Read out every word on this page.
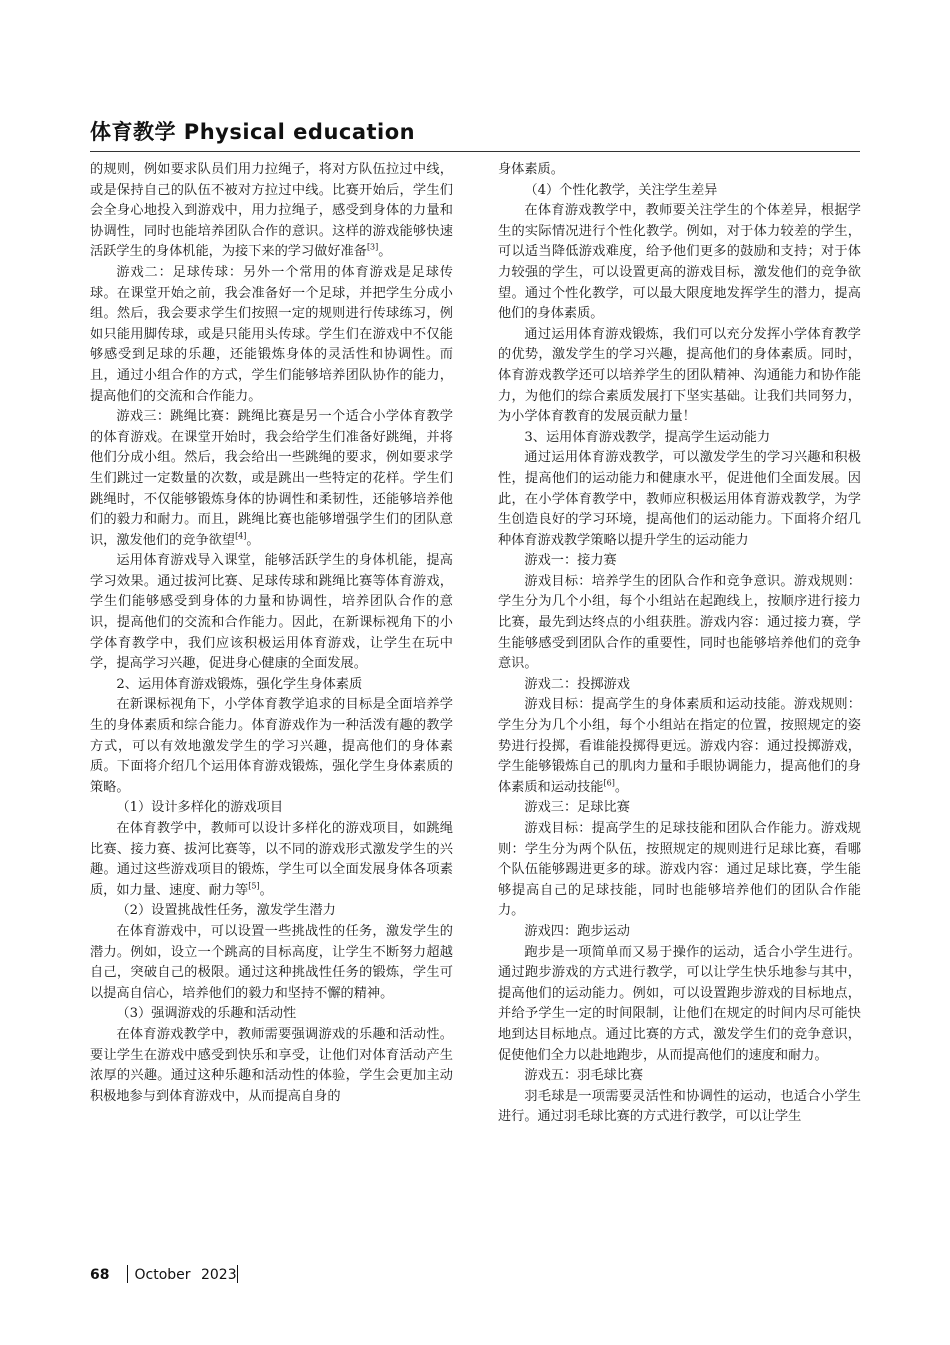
体育教学 Physical education

的规则，例如要求队员们用力拉绳子，将对方队伍拉过中线，或是保持自己的队伍不被对方拉过中线。比赛开始后，学生们会全身心地投入到游戏中，用力拉绳子，感受到身体的力量和协调性，同时也能培养团队合作的意识。这样的游戏能够快速活跃学生的身体机能，为接下来的学习做好准备[3]。

游戏二：足球传球：另外一个常用的体育游戏是足球传球。在课堂开始之前，我会准备好一个足球，并把学生分成小组。然后，我会要求学生们按照一定的规则进行传球练习，例如只能用脚传球，或是只能用头传球。学生们在游戏中不仅能够感受到足球的乐趣，还能锻炼身体的灵活性和协调性。而且，通过小组合作的方式，学生们能够培养团队协作的能力，提高他们的交流和合作能力。

游戏三：跳绳比赛：跳绳比赛是另一个适合小学体育教学的体育游戏。在课堂开始时，我会给学生们准备好跳绳，并将他们分成小组。然后，我会给出一些跳绳的要求，例如要求学生们跳过一定数量的次数，或是跳出一些特定的花样。学生们跳绳时，不仅能够锻炼身体的协调性和柔韧性，还能够培养他们的毅力和耐力。而且，跳绳比赛也能够增强学生们的团队意识，激发他们的竞争欲望[4]。

运用体育游戏导入课堂，能够活跃学生的身体机能，提高学习效果。通过拔河比赛、足球传球和跳绳比赛等体育游戏，学生们能够感受到身体的力量和协调性，培养团队合作的意识，提高他们的交流和合作能力。因此，在新课标视角下的小学体育教学中，我们应该积极运用体育游戏，让学生在玩中学，提高学习兴趣，促进身心健康的全面发展。

2、运用体育游戏锻炼，强化学生身体素质

在新课标视角下，小学体育教学追求的目标是全面培养学生的身体素质和综合能力。体育游戏作为一种活泼有趣的教学方式，可以有效地激发学生的学习兴趣，提高他们的身体素质。下面将介绍几个运用体育游戏锻炼，强化学生身体素质的策略。

（1）设计多样化的游戏项目

在体育教学中，教师可以设计多样化的游戏项目，如跳绳比赛、接力赛、拔河比赛等，以不同的游戏形式激发学生的兴趣。通过这些游戏项目的锻炼，学生可以全面发展身体各项素质，如力量、速度、耐力等[5]。

（2）设置挑战性任务，激发学生潜力

在体育游戏中，可以设置一些挑战性的任务，激发学生的潜力。例如，设立一个跳高的目标高度，让学生不断努力超越自己，突破自己的极限。通过这种挑战性任务的锻炼，学生可以提高自信心，培养他们的毅力和坚持不懈的精神。

（3）强调游戏的乐趣和活动性

在体育游戏教学中，教师需要强调游戏的乐趣和活动性。要让学生在游戏中感受到快乐和享受，让他们对体育活动产生浓厚的兴趣。通过这种乐趣和活动性的体验，学生会更加主动积极地参与到体育游戏中，从而提高自身的

身体素质。

（4）个性化教学，关注学生差异

在体育游戏教学中，教师要关注学生的个体差异，根据学生的实际情况进行个性化教学。例如，对于体力较差的学生，可以适当降低游戏难度，给予他们更多的鼓励和支持；对于体力较强的学生，可以设置更高的游戏目标，激发他们的竞争欲望。通过个性化教学，可以最大限度地发挥学生的潜力，提高他们的身体素质。

通过运用体育游戏锻炼，我们可以充分发挥小学体育教学的优势，激发学生的学习兴趣，提高他们的身体素质。同时，体育游戏教学还可以培养学生的团队精神、沟通能力和协作能力，为他们的综合素质发展打下坚实基础。让我们共同努力，为小学体育教育的发展贡献力量！

3、运用体育游戏教学，提高学生运动能力

通过运用体育游戏教学，可以激发学生的学习兴趣和积极性，提高他们的运动能力和健康水平，促进他们全面发展。因此，在小学体育教学中，教师应积极运用体育游戏教学，为学生创造良好的学习环境，提高他们的运动能力。下面将介绍几种体育游戏教学策略以提升学生的运动能力

游戏一：接力赛

游戏目标：培养学生的团队合作和竞争意识。游戏规则：学生分为几个小组，每个小组站在起跑线上，按顺序进行接力比赛，最先到达终点的小组获胜。游戏内容：通过接力赛，学生能够感受到团队合作的重要性，同时也能够培养他们的竞争意识。

游戏二：投掷游戏

游戏目标：提高学生的身体素质和运动技能。游戏规则：学生分为几个小组，每个小组站在指定的位置，按照规定的姿势进行投掷，看谁能投掷得更远。游戏内容：通过投掷游戏，学生能够锻炼自己的肌肉力量和手眼协调能力，提高他们的身体素质和运动技能[6]。

游戏三：足球比赛

游戏目标：提高学生的足球技能和团队合作能力。游戏规则：学生分为两个队伍，按照规定的规则进行足球比赛，看哪个队伍能够踢进更多的球。游戏内容：通过足球比赛，学生能够提高自己的足球技能，同时也能够培养他们的团队合作能力。

游戏四：跑步运动

跑步是一项简单而又易于操作的运动，适合小学生进行。通过跑步游戏的方式进行教学，可以让学生快乐地参与其中，提高他们的运动能力。例如，可以设置跑步游戏的目标地点，并给予学生一定的时间限制，让他们在规定的时间内尽可能快地到达目标地点。通过比赛的方式，激发学生们的竞争意识，促使他们全力以赴地跑步，从而提高他们的速度和耐力。

游戏五：羽毛球比赛

羽毛球是一项需要灵活性和协调性的运动，也适合小学生进行。通过羽毛球比赛的方式进行教学，可以让学生

68 October 2023
